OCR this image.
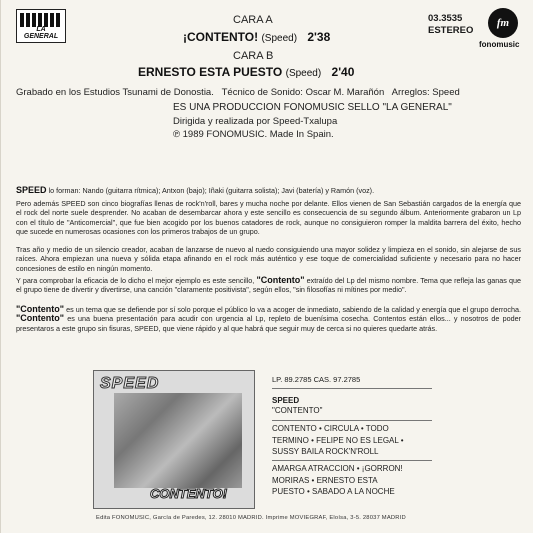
LA GENERAL
03.3535
ESTEREO
fm
fonomusic
CARA A
¡CONTENTO! (Speed) 2'38
CARA B
ERNESTO ESTA PUESTO (Speed) 2'40
Grabado en los Estudios Tsunami de Donostia. Técnico de Sonido: Oscar M. Marañón Arreglos: Speed
ES UNA PRODUCCION FONOMUSIC SELLO "LA GENERAL"
Dirigida y realizada por Speed-Txalupa
℗ 1989 FONOMUSIC. Made In Spain.
SPEED lo forman: Nando (guitarra rítmica); Antxon (bajo); Iñaki (guitarra solista); Javi (batería) y Ramón (voz).
Pero además SPEED son cinco biografías llenas de rock'n'roll, bares y mucha noche por delante. Ellos vienen de San Sebastián cargados de la energía que el rock del norte suele desprender. No acaban de desembarcar ahora y este sencillo es consecuencia de su segundo álbum. Anteriormente grabaron un Lp con el título de "Anticomercial", que fue bien acogido por los buenos catadores de rock, aunque no consiguieron romper la maldita barrera del éxito, hecho que sucede en numerosas ocasiones con los primeros trabajos de un grupo.
Tras año y medio de un silencio creador, acaban de lanzarse de nuevo al ruedo consiguiendo una mayor solidez y limpieza en el sonido, sin alejarse de sus raíces. Ahora empiezan una nueva y sólida etapa afinando en el rock más auténtico y ese toque de comercialidad suficiente y necesario para no hacer concesiones de estilo en ningún momento.
Y para comprobar la eficacia de lo dicho el mejor ejemplo es este sencillo, "Contento" extraído del Lp del mismo nombre. Tema que refleja las ganas que el grupo tiene de divertir y divertirse, una canción "claramente positivista", según ellos, "sin filosofías ni mítines por medio".
"Contento" es un tema que se defiende por sí solo porque el público lo va a acoger de inmediato, sabiendo de la calidad y energía que el grupo derrocha. "Contento" es una buena presentación para acudir con urgencia al Lp, repleto de buenísima cosecha. Contentos están ellos... y nosotros de poder presentaros a este grupo sin fisuras, SPEED, que viene rápido y al que habrá que seguir muy de cerca si no quieres quedarte atrás.
SPEED
CONTENTO!
LP. 89.2785 CAS. 97.2785
SPEED
"CONTENTO"
CONTENTO • CIRCULA • TODO
TERMINO • FELIPE NO ES LEGAL •
SUSSY BAILA ROCK'N'ROLL
AMARGA ATRACCION • ¡GORRON!
MORIRAS • ERNESTO ESTA
PUESTO • SABADO A LA NOCHE
Edita FONOMUSIC, García de Paredes, 12. 28010 MADRID. Imprime MOVIEGRAF, Eloísa, 3-5. 28037 MADRID
